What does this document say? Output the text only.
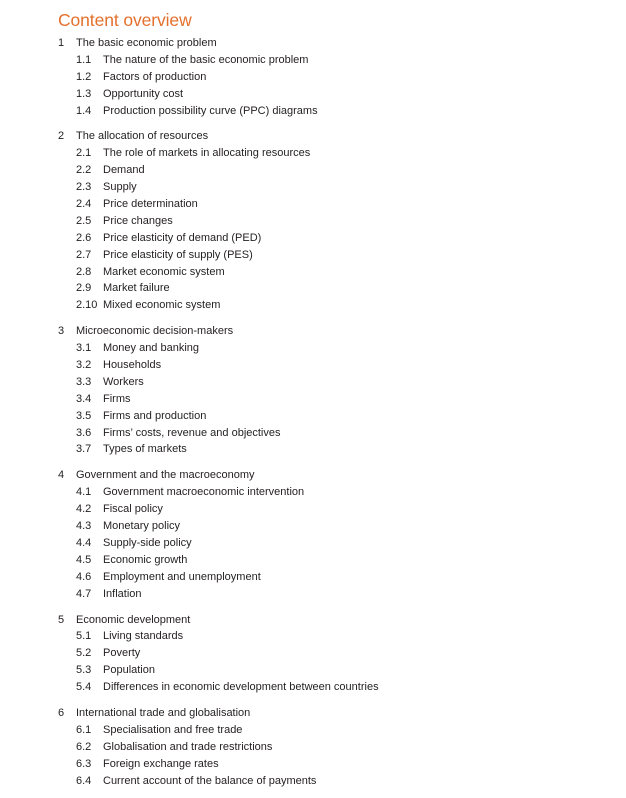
Content overview
1 The basic economic problem
1.1 The nature of the basic economic problem
1.2 Factors of production
1.3 Opportunity cost
1.4 Production possibility curve (PPC) diagrams
2 The allocation of resources
2.1 The role of markets in allocating resources
2.2 Demand
2.3 Supply
2.4 Price determination
2.5 Price changes
2.6 Price elasticity of demand (PED)
2.7 Price elasticity of supply (PES)
2.8 Market economic system
2.9 Market failure
2.10 Mixed economic system
3 Microeconomic decision-makers
3.1 Money and banking
3.2 Households
3.3 Workers
3.4 Firms
3.5 Firms and production
3.6 Firms’ costs, revenue and objectives
3.7 Types of markets
4 Government and the macroeconomy
4.1 Government macroeconomic intervention
4.2 Fiscal policy
4.3 Monetary policy
4.4 Supply-side policy
4.5 Economic growth
4.6 Employment and unemployment
4.7 Inflation
5 Economic development
5.1 Living standards
5.2 Poverty
5.3 Population
5.4 Differences in economic development between countries
6 International trade and globalisation
6.1 Specialisation and free trade
6.2 Globalisation and trade restrictions
6.3 Foreign exchange rates
6.4 Current account of the balance of payments
